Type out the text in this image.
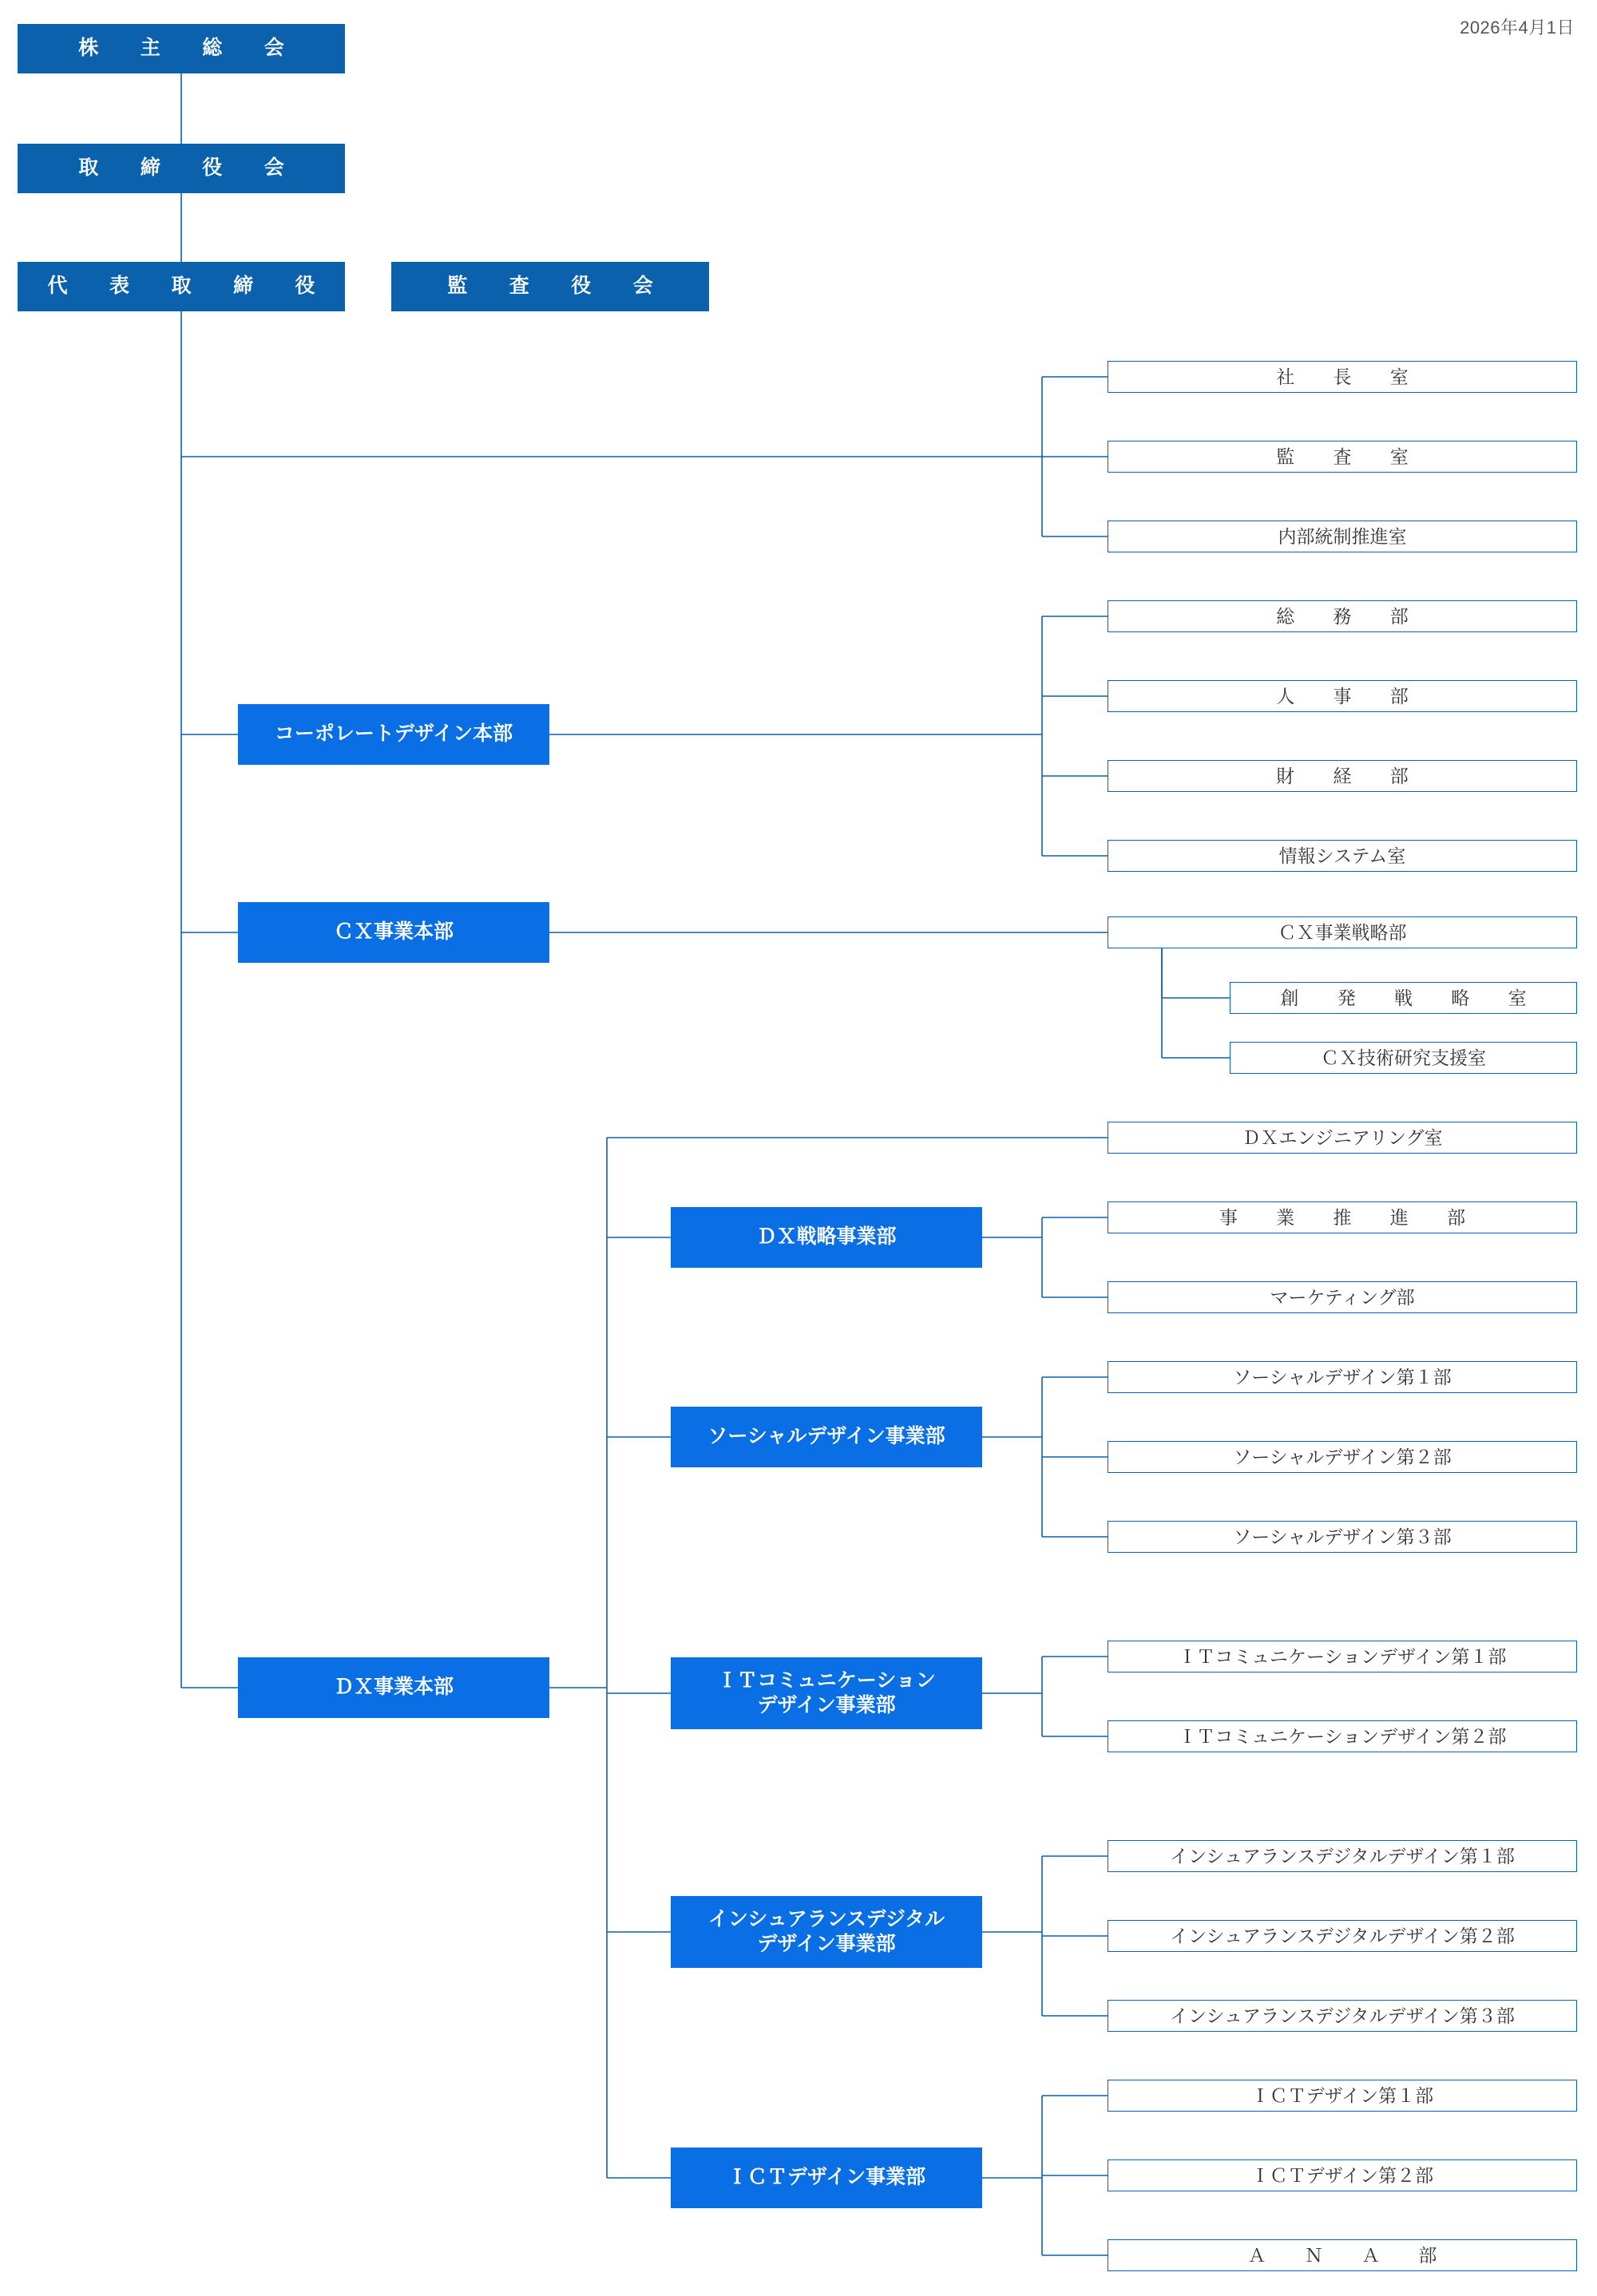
2026年4月1日
株　主　総　会
取　締　役　会
代　表　取　締　役	監　査　役　会
社　長　室
監　査　室
内部統制推進室
コーポレートデザイン本部
総　務　部
人　事　部
財　経　部
情報システム室
ＣＸ事業本部	ＣＸ事業戦略部
創　発　戦　略　室
ＣＸ技術研究支援室
ＤＸ事業本部
ＤＸエンジニアリング室
ＤＸ戦略事業部
事　業　推　進　部
マーケティング部
ソーシャルデザイン事業部
ソーシャルデザイン第１部
ソーシャルデザイン第２部
ソーシャルデザイン第３部
ＩＴコミュニケーション
デザイン事業部
ＩＴコミュニケーションデザイン第１部
ＩＴコミュニケーションデザイン第２部
インシュアランスデジタル
デザイン事業部
インシュアランスデジタルデザイン第１部
インシュアランスデジタルデザイン第２部
インシュアランスデジタルデザイン第３部
ＩＣＴデザイン事業部
ＩＣＴデザイン第１部
ＩＣＴデザイン第２部
Ａ　Ｎ　Ａ　部
